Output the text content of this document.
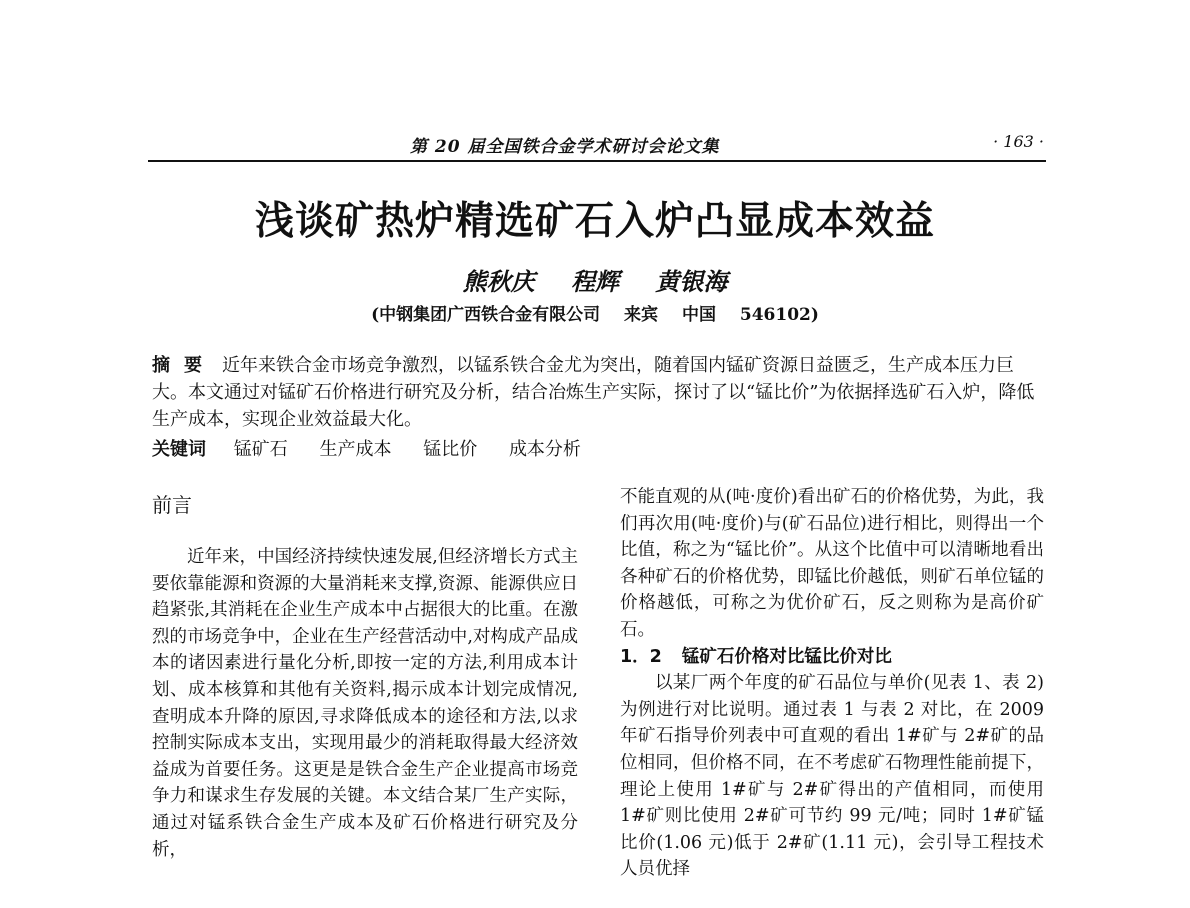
第 20 届全国铁合金学术研讨会论文集	· 163 ·
浅谈矿热炉精选矿石入炉凸显成本效益
熊秋庆 程辉 黄银海
(中钢集团广西铁合金有限公司 来宾 中国 546102)
摘要 近年来铁合金市场竞争激烈，以锰系铁合金尤为突出，随着国内锰矿资源日益匮乏，生产成本压力巨大。本文通过对锰矿石价格进行研究及分析，结合冶炼生产实际，探讨了以“锰比价”为依据择选矿石入炉，降低生产成本，实现企业效益最大化。
关键词 锰矿石 生产成本 锰比价 成本分析
前言

近年来，中国经济持续快速发展,但经济增长方式主要依靠能源和资源的大量消耗来支撑,资源、能源供应日趋紧张,其消耗在企业生产成本中占据很大的比重。在激烈的市场竞争中，企业在生产经营活动中,对构成产品成本的诸因素进行量化分析,即按一定的方法,利用成本计划、成本核算和其他有关资料,揭示成本计划完成情况,查明成本升降的原因,寻求降低成本的途径和方法,以求控制实际成本支出，实现用最少的消耗取得最大经济效益成为首要任务。这更是是铁合金生产企业提高市场竞争力和谋求生存发展的关键。本文结合某厂生产实际，通过对锰系铁合金生产成本及矿石价格进行研究及分析，

不能直观的从(吨·度价)看出矿石的价格优势，为此，我们再次用(吨·度价)与(矿石品位)进行相比，则得出一个比值，称之为“锰比价”。从这个比值中可以清晰地看出各种矿石的价格优势，即锰比价越低，则矿石单位锰的价格越低，可称之为优价矿石，反之则称为是高价矿石。

1．2 锰矿石价格对比锰比价对比

以某厂两个年度的矿石品位与单价(见表 1、表 2)为例进行对比说明。通过表 1 与表 2 对比，在 2009 年矿石指导价列表中可直观的看出 1#矿与 2#矿的品位相同，但价格不同，在不考虑矿石物理性能前提下，理论上使用 1#矿与 2#矿得出的产值相同，而使用 1#矿则比使用 2#矿可节约 99 元/吨；同时 1#矿锰比价(1.06 元)低于 2#矿(1.11 元)，会引导工程技术人员优择
